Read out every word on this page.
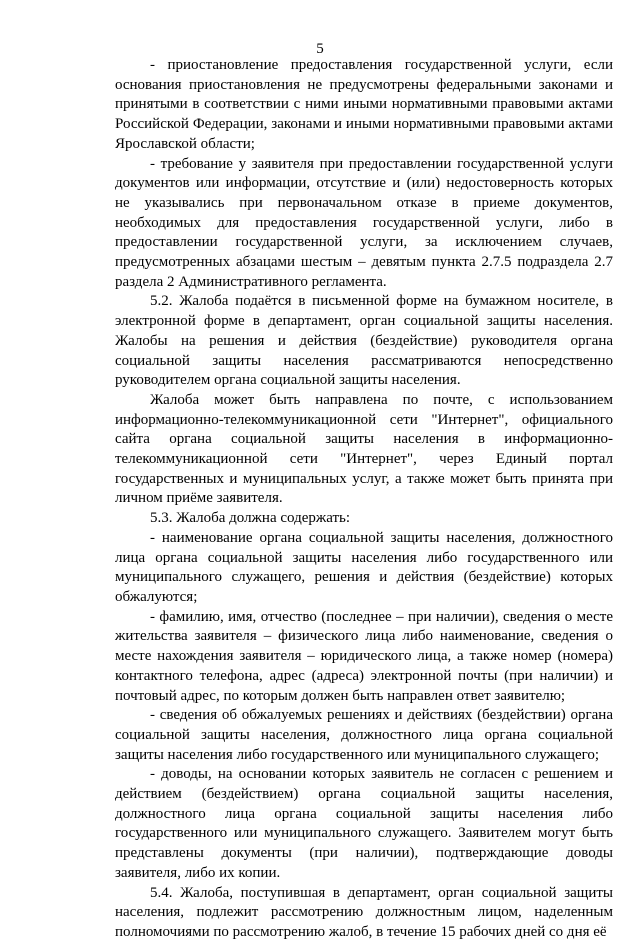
5

- приостановление предоставления государственной услуги, если основания приостановления не предусмотрены федеральными законами и принятыми в соответствии с ними иными нормативными правовыми актами Российской Федерации, законами и иными нормативными правовыми актами Ярославской области;

- требование у заявителя при предоставлении государственной услуги документов или информации, отсутствие и (или) недостоверность которых не указывались при первоначальном отказе в приеме документов, необходимых для предоставления государственной услуги, либо в предоставлении государственной услуги, за исключением случаев, предусмотренных абзацами шестым – девятым пункта 2.7.5 подраздела 2.7 раздела 2 Административного регламента.

5.2. Жалоба подаётся в письменной форме на бумажном носителе, в электронной форме в департамент, орган социальной защиты населения. Жалобы на решения и действия (бездействие) руководителя органа социальной защиты населения рассматриваются непосредственно руководителем органа социальной защиты населения.

Жалоба может быть направлена по почте, с использованием информационно-телекоммуникационной сети "Интернет", официального сайта органа социальной защиты населения в информационно-телекоммуникационной сети "Интернет", через Единый портал государственных и муниципальных услуг, а также может быть принята при личном приёме заявителя.

5.3. Жалоба должна содержать:

- наименование органа социальной защиты населения, должностного лица органа социальной защиты населения либо государственного или муниципального служащего, решения и действия (бездействие) которых обжалуются;

- фамилию, имя, отчество (последнее – при наличии), сведения о месте жительства заявителя – физического лица либо наименование, сведения о месте нахождения заявителя – юридического лица, а также номер (номера) контактного телефона, адрес (адреса) электронной почты (при наличии) и почтовый адрес, по которым должен быть направлен ответ заявителю;

- сведения об обжалуемых решениях и действиях (бездействии) органа социальной защиты населения, должностного лица органа социальной защиты населения либо государственного или муниципального служащего;

- доводы, на основании которых заявитель не согласен с решением и действием (бездействием) органа социальной защиты населения, должностного лица органа социальной защиты населения либо государственного или муниципального служащего. Заявителем могут быть представлены документы (при наличии), подтверждающие доводы заявителя, либо их копии.

5.4. Жалоба, поступившая в департамент, орган социальной защиты населения, подлежит рассмотрению должностным лицом, наделенным полномочиями по рассмотрению жалоб, в течение 15 рабочих дней со дня её
